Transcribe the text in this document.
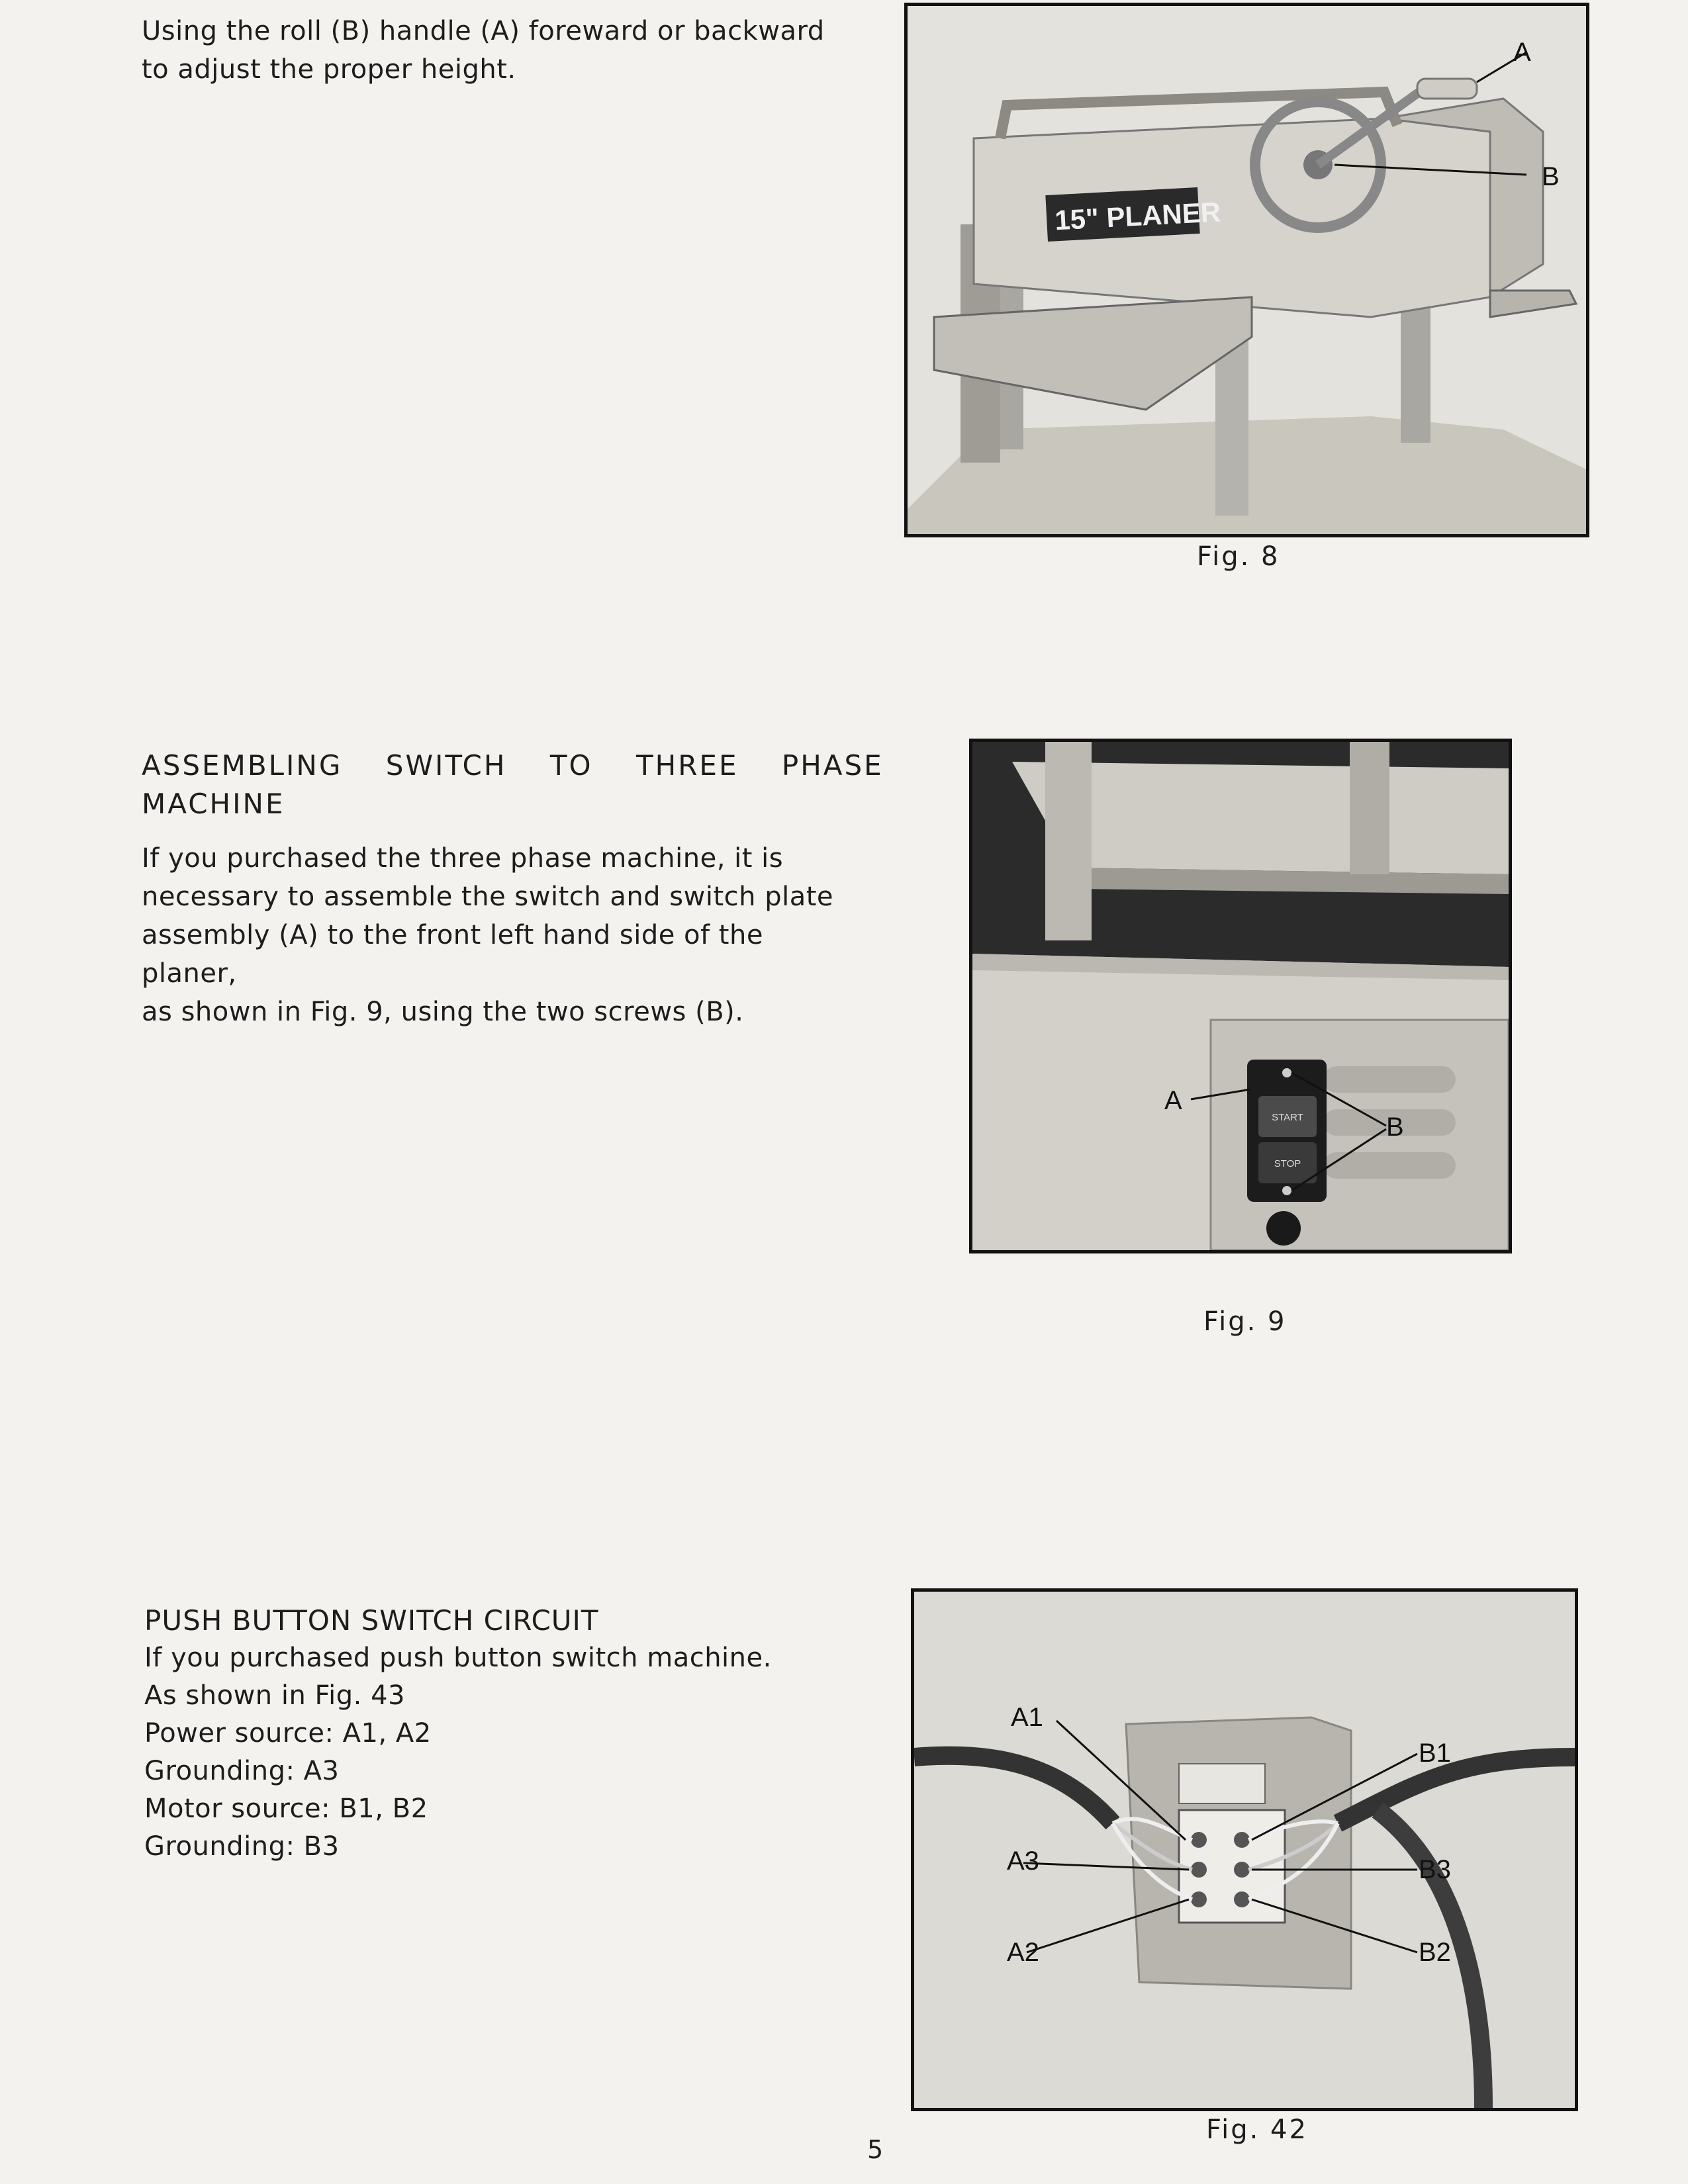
Using the roll (B) handle (A) foreward or backward

to adjust the proper height.

15" PLANER
A
B
Fig. 8

ASSEMBLING    SWITCH    TO    THREE    PHASE

MACHINE

If you purchased the three phase machine, it is

necessary to assemble the switch and switch plate

assembly (A) to the front left hand side of the planer,

as shown in Fig. 9, using the two screws (B).

START
STOP
A
B
Fig. 9

PUSH BUTTON SWITCH CIRCUIT

If you purchased push button switch machine.

As shown in Fig. 43

Power source: A1, A2

Grounding: A3

Motor source: B1, B2

Grounding: B3

A1
A3
A2
B1
B3
B2
Fig. 42
5
